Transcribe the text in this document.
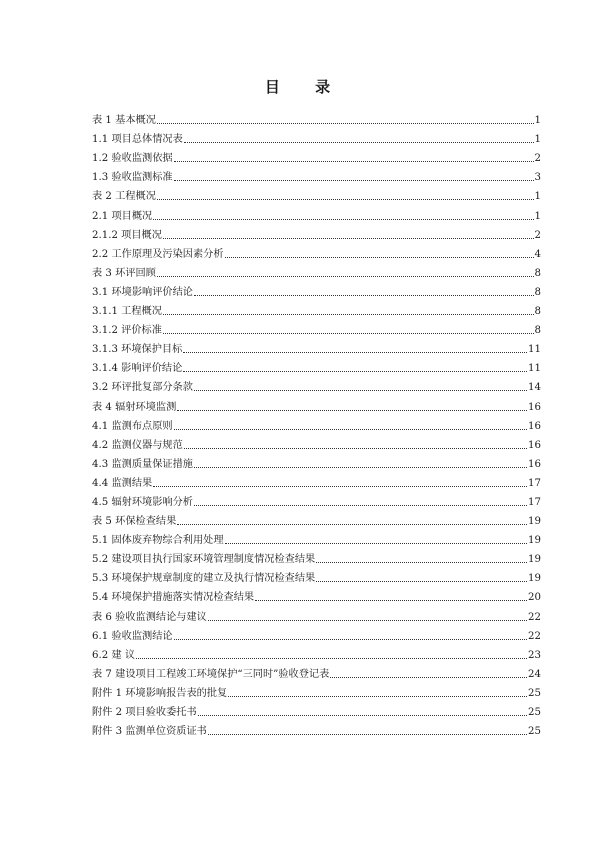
目 录
表 1 基本概况	1
1.1 项目总体情况表	1
1.2 验收监测依据	2
1.3 验收监测标准	3
表 2 工程概况	1
2.1 项目概况	1
2.1.2 项目概况	2
2.2 工作原理及污染因素分析	4
表 3 环评回顾	8
3.1 环境影响评价结论	8
3.1.1 工程概况	8
3.1.2 评价标准	8
3.1.3 环境保护目标	11
3.1.4 影响评价结论	11
3.2 环评批复部分条款	14
表 4 辐射环境监测	16
4.1 监测布点原则	16
4.2 监测仪器与规范	16
4.3 监测质量保证措施	16
4.4 监测结果	17
4.5 辐射环境影响分析	17
表 5 环保检查结果	19
5.1 固体废弃物综合利用处理	19
5.2 建设项目执行国家环境管理制度情况检查结果	19
5.3 环境保护规章制度的建立及执行情况检查结果	19
5.4 环境保护措施落实情况检查结果	20
表 6 验收监测结论与建议	22
6.1 验收监测结论	22
6.2 建 议	23
表 7 建设项目工程竣工环境保护“三同时”验收登记表	24
附件 1 环境影响报告表的批复	25
附件 2 项目验收委托书	25
附件 3 监测单位资质证书	25
